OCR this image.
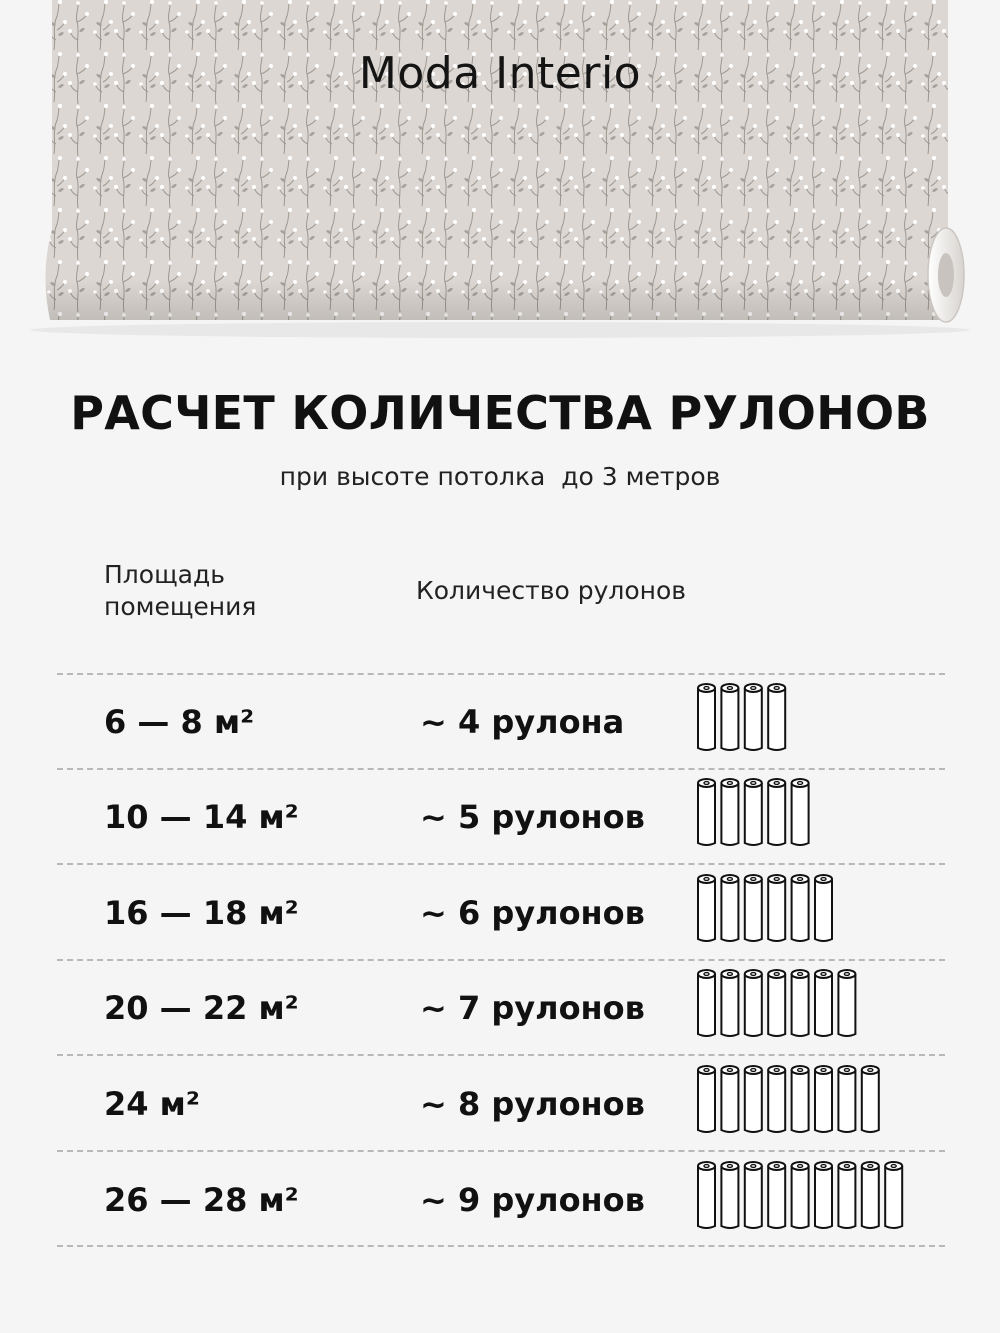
Moda Interio
РАСЧЕТ КОЛИЧЕСТВА РУЛОНОВ
при высоте потолка  до 3 метров
Площадь помещения
Количество рулонов
6 — 8 м²	~ 4 рулона
10 — 14 м²	~ 5 рулонов
16 — 18 м²	~ 6 рулонов
20 — 22 м²	~ 7 рулонов
24 м²	~ 8 рулонов
26 — 28 м²	~ 9 рулонов
